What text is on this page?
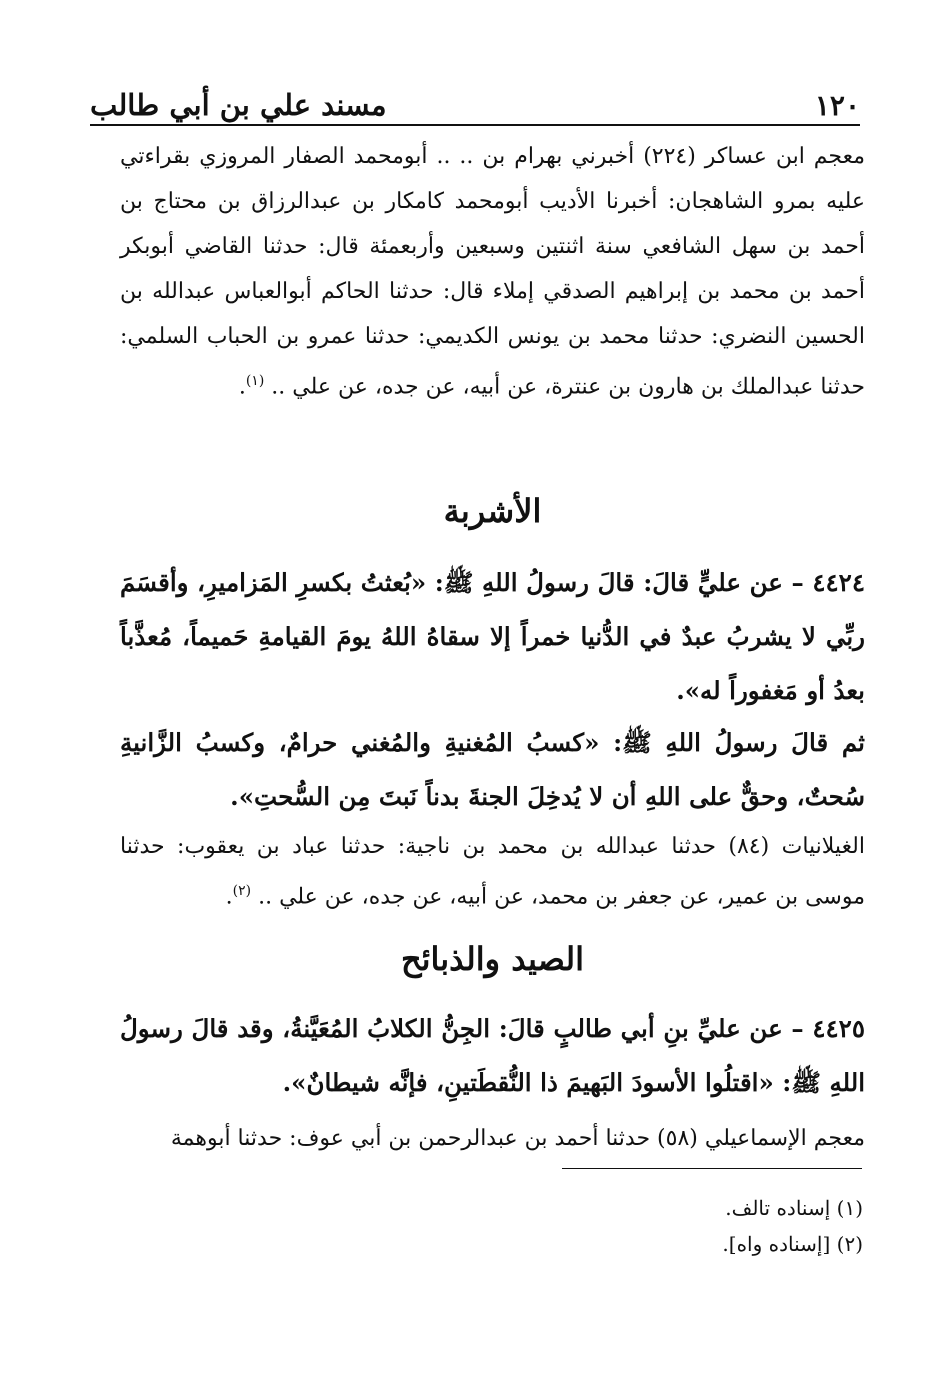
مسند علي بن أبي طالب	١٢٠

معجم ابن عساكر (٢٢٤) أخبرني بهرام بن .. .. أبومحمد الصفار المروزي بقراءتي عليه بمرو الشاهجان: أخبرنا الأديب أبومحمد كامكار بن عبدالرزاق بن محتاج بن أحمد بن سهل الشافعي سنة اثنتين وسبعين وأربعمئة قال: حدثنا القاضي أبوبكر أحمد بن محمد بن إبراهيم الصدقي إملاء قال: حدثنا الحاكم أبوالعباس عبدالله بن الحسين النضري: حدثنا محمد بن يونس الكديمي: حدثنا عمرو بن الحباب السلمي: حدثنا عبدالملك بن هارون بن عنترة، عن أبيه، عن جده، عن علي .. $^{(١)}$.

الأشربة

٤٤٢٤ – عن عليٍّ قالَ: قالَ رسولُ اللهِ ﷺ: «بُعثتُ بكسرِ المَزاميرِ، وأقسَمَ ربِّي لا يشربُ عبدٌ في الدُّنيا خمراً إلا سقاهُ اللهُ يومَ القيامةِ حَميماً، مُعذَّباً بعدُ أو مَغفوراً له».

ثم قالَ رسولُ اللهِ ﷺ: «كسبُ المُغنيةِ والمُغني حرامٌ، وكسبُ الزَّانيةِ سُحتٌ، وحقٌّ على اللهِ أن لا يُدخِلَ الجنةَ بدناً نَبتَ مِن السُّحتِ».

الغيلانيات (٨٤) حدثنا عبدالله بن محمد بن ناجية: حدثنا عباد بن يعقوب: حدثنا موسى بن عمير، عن جعفر بن محمد، عن أبيه، عن جده، عن علي .. $^{(٢)}$.

الصيد والذبائح

٤٤٢٥ – عن عليِّ بنِ أبي طالبٍ قالَ: الجِنُّ الكلابُ المُعَيَّنةُ، وقد قالَ رسولُ اللهِ ﷺ: «اقتلُوا الأسودَ البَهيمَ ذا النُّقطَتينِ، فإنَّه شيطانٌ».

معجم الإسماعيلي (٥٨) حدثنا أحمد بن عبدالرحمن بن أبي عوف: حدثنا أبوهمة

(١) إسناده تالف.
(٢) [إسناده واه].
